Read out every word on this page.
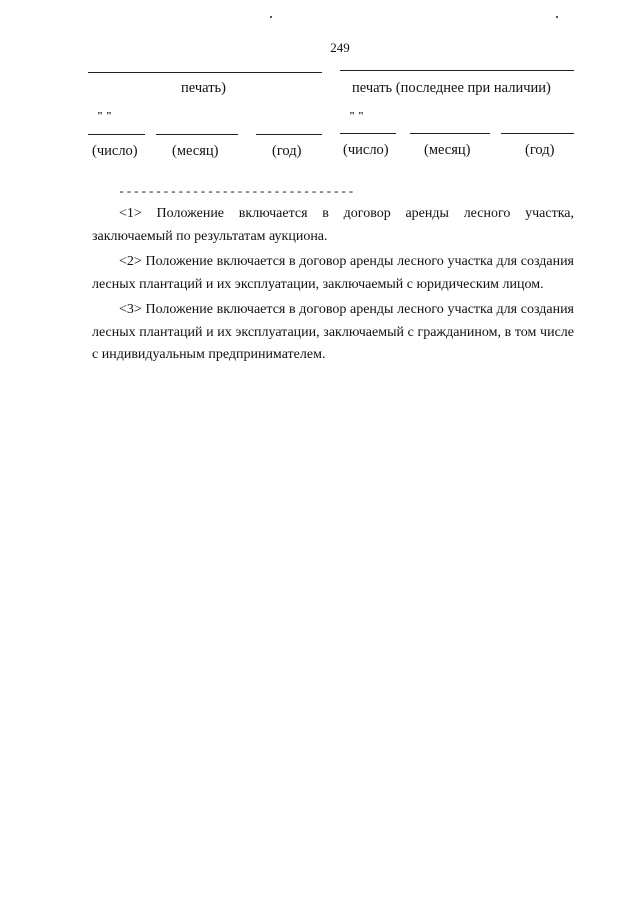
249
печать)
" "
(число) (месяц)	(год)
печать (последнее при наличии)
" "
(число) (месяц)	(год)
--------------------------------

<1> Положение включается в договор аренды лесного участка, заключаемый по результатам аукциона.

<2> Положение включается в договор аренды лесного участка для создания лесных плантаций и их эксплуатации, заключаемый с юридическим лицом.

<3> Положение включается в договор аренды лесного участка для создания лесных плантаций и их эксплуатации, заключаемый с гражданином, в том числе с индивидуальным предпринимателем.
